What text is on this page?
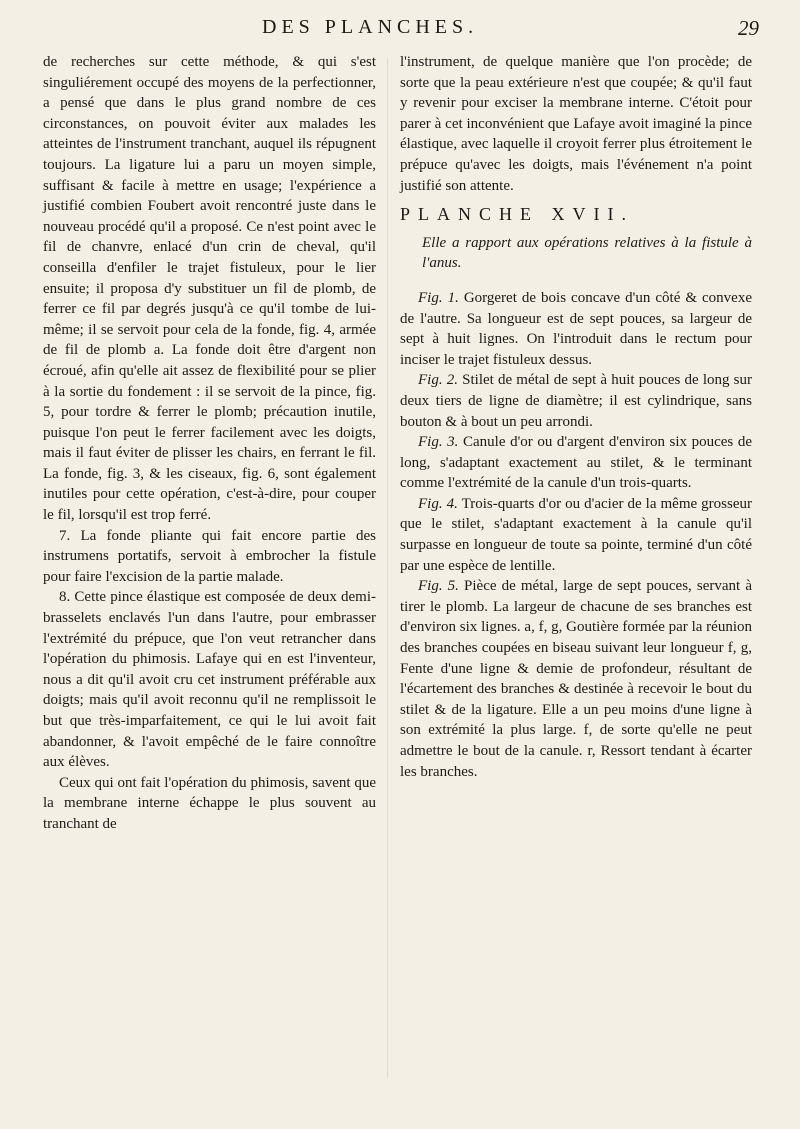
DES PLANCHES.	29

de recherches sur cette méthode, & qui s'est singuliérement occupé des moyens de la perfectionner, a pensé que dans le plus grand nombre de ces circonstances, on pouvoit éviter aux malades les atteintes de l'instrument tranchant, auquel ils répugnent toujours. La ligature lui a paru un moyen simple, suffisant & facile à mettre en usage; l'expérience a justifié combien Foubert avoit rencontré juste dans le nouveau procédé qu'il a proposé. Ce n'est point avec le fil de chanvre, enlacé d'un crin de cheval, qu'il conseilla d'enfiler le trajet fistuleux, pour le lier ensuite; il proposa d'y substituer un fil de plomb, de ferrer ce fil par degrés jusqu'à ce qu'il tombe de lui-même; il se servoit pour cela de la fonde, fig. 4, armée de fil de plomb a. La fonde doit être d'argent non écroué, afin qu'elle ait assez de flexibilité pour se plier à la sortie du fondement : il se servoit de la pince, fig. 5, pour tordre & ferrer le plomb; précaution inutile, puisque l'on peut le ferrer facilement avec les doigts, mais il faut éviter de plisser les chairs, en ferrant le fil. La fonde, fig. 3, & les ciseaux, fig. 6, sont également inutiles pour cette opération, c'est-à-dire, pour couper le fil, lorsqu'il est trop ferré.

7. La fonde pliante qui fait encore partie des instrumens portatifs, servoit à embrocher la fistule pour faire l'excision de la partie malade.

8. Cette pince élastique est composée de deux demi-brasselets enclavés l'un dans l'autre, pour embrasser l'extrémité du prépuce, que l'on veut retrancher dans l'opération du phimosis. Lafaye qui en est l'inventeur, nous a dit qu'il avoit cru cet instrument préférable aux doigts; mais qu'il avoit reconnu qu'il ne remplissoit le but que très-imparfaitement, ce qui le lui avoit fait abandonner, & l'avoit empêché de le faire connoître aux élèves.

Ceux qui ont fait l'opération du phimosis, savent que la membrane interne échappe le plus souvent au tranchant de

l'instrument, de quelque manière que l'on procède; de sorte que la peau extérieure n'est que coupée; & qu'il faut y revenir pour exciser la membrane interne. C'étoit pour parer à cet inconvénient que Lafaye avoit imaginé la pince élastique, avec laquelle il croyoit ferrer plus étroitement le prépuce qu'avec les doigts, mais l'événement n'a point justifié son attente.

PLANCHE XVII.

Elle a rapport aux opérations relatives à la fistule à l'anus.

Fig. 1. Gorgeret de bois concave d'un côté & convexe de l'autre. Sa longueur est de sept pouces, sa largeur de sept à huit lignes. On l'introduit dans le rectum pour inciser le trajet fistuleux dessus.

Fig. 2. Stilet de métal de sept à huit pouces de long sur deux tiers de ligne de diamètre; il est cylindrique, sans bouton & à bout un peu arrondi.

Fig. 3. Canule d'or ou d'argent d'environ six pouces de long, s'adaptant exactement au stilet, & le terminant comme l'extrémité de la canule d'un trois-quarts.

Fig. 4. Trois-quarts d'or ou d'acier de la même grosseur que le stilet, s'adaptant exactement à la canule qu'il surpasse en longueur de toute sa pointe, terminé d'un côté par une espèce de lentille.

Fig. 5. Pièce de métal, large de sept pouces, servant à tirer le plomb. La largeur de chacune de ses branches est d'environ six lignes. a, f, g, Goutière formée par la réunion des branches coupées en biseau suivant leur longueur f, g, Fente d'une ligne & demie de profondeur, résultant de l'écartement des branches & destinée à recevoir le bout du stilet & de la ligature. Elle a un peu moins d'une ligne à son extrémité la plus large. f, de sorte qu'elle ne peut admettre le bout de la canule. r, Ressort tendant à écarter les branches.
